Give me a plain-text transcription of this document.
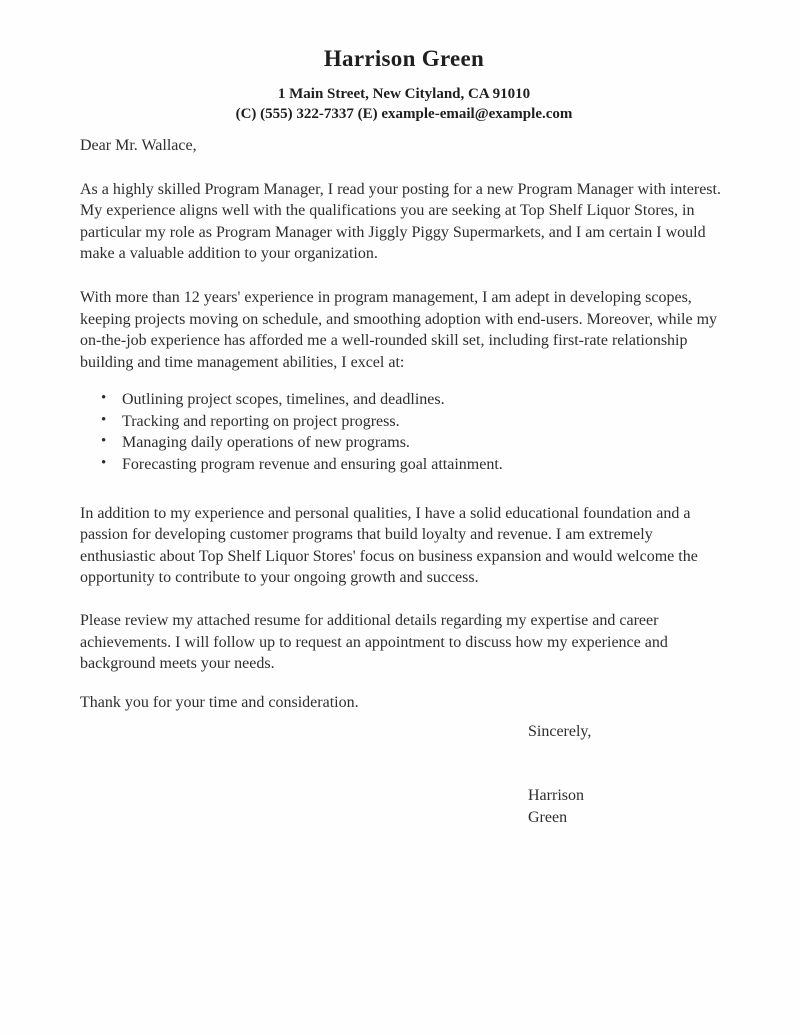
Harrison Green
1 Main Street, New Cityland, CA 91010
(C) (555) 322-7337 (E) example-email@example.com

Dear Mr. Wallace,

As a highly skilled Program Manager, I read your posting for a new Program Manager with interest. My experience aligns well with the qualifications you are seeking at Top Shelf Liquor Stores, in particular my role as Program Manager with Jiggly Piggy Supermarkets, and I am certain I would make a valuable addition to your organization.

With more than 12 years' experience in program management, I am adept in developing scopes, keeping projects moving on schedule, and smoothing adoption with end-users. Moreover, while my on-the-job experience has afforded me a well-rounded skill set, including first-rate relationship building and time management abilities, I excel at:

• Outlining project scopes, timelines, and deadlines.
• Tracking and reporting on project progress.
• Managing daily operations of new programs.
• Forecasting program revenue and ensuring goal attainment.

In addition to my experience and personal qualities, I have a solid educational foundation and a passion for developing customer programs that build loyalty and revenue. I am extremely enthusiastic about Top Shelf Liquor Stores' focus on business expansion and would welcome the opportunity to contribute to your ongoing growth and success.

Please review my attached resume for additional details regarding my expertise and career achievements. I will follow up to request an appointment to discuss how my experience and background meets your needs.

Thank you for your time and consideration.

Sincerely,

Harrison Green
